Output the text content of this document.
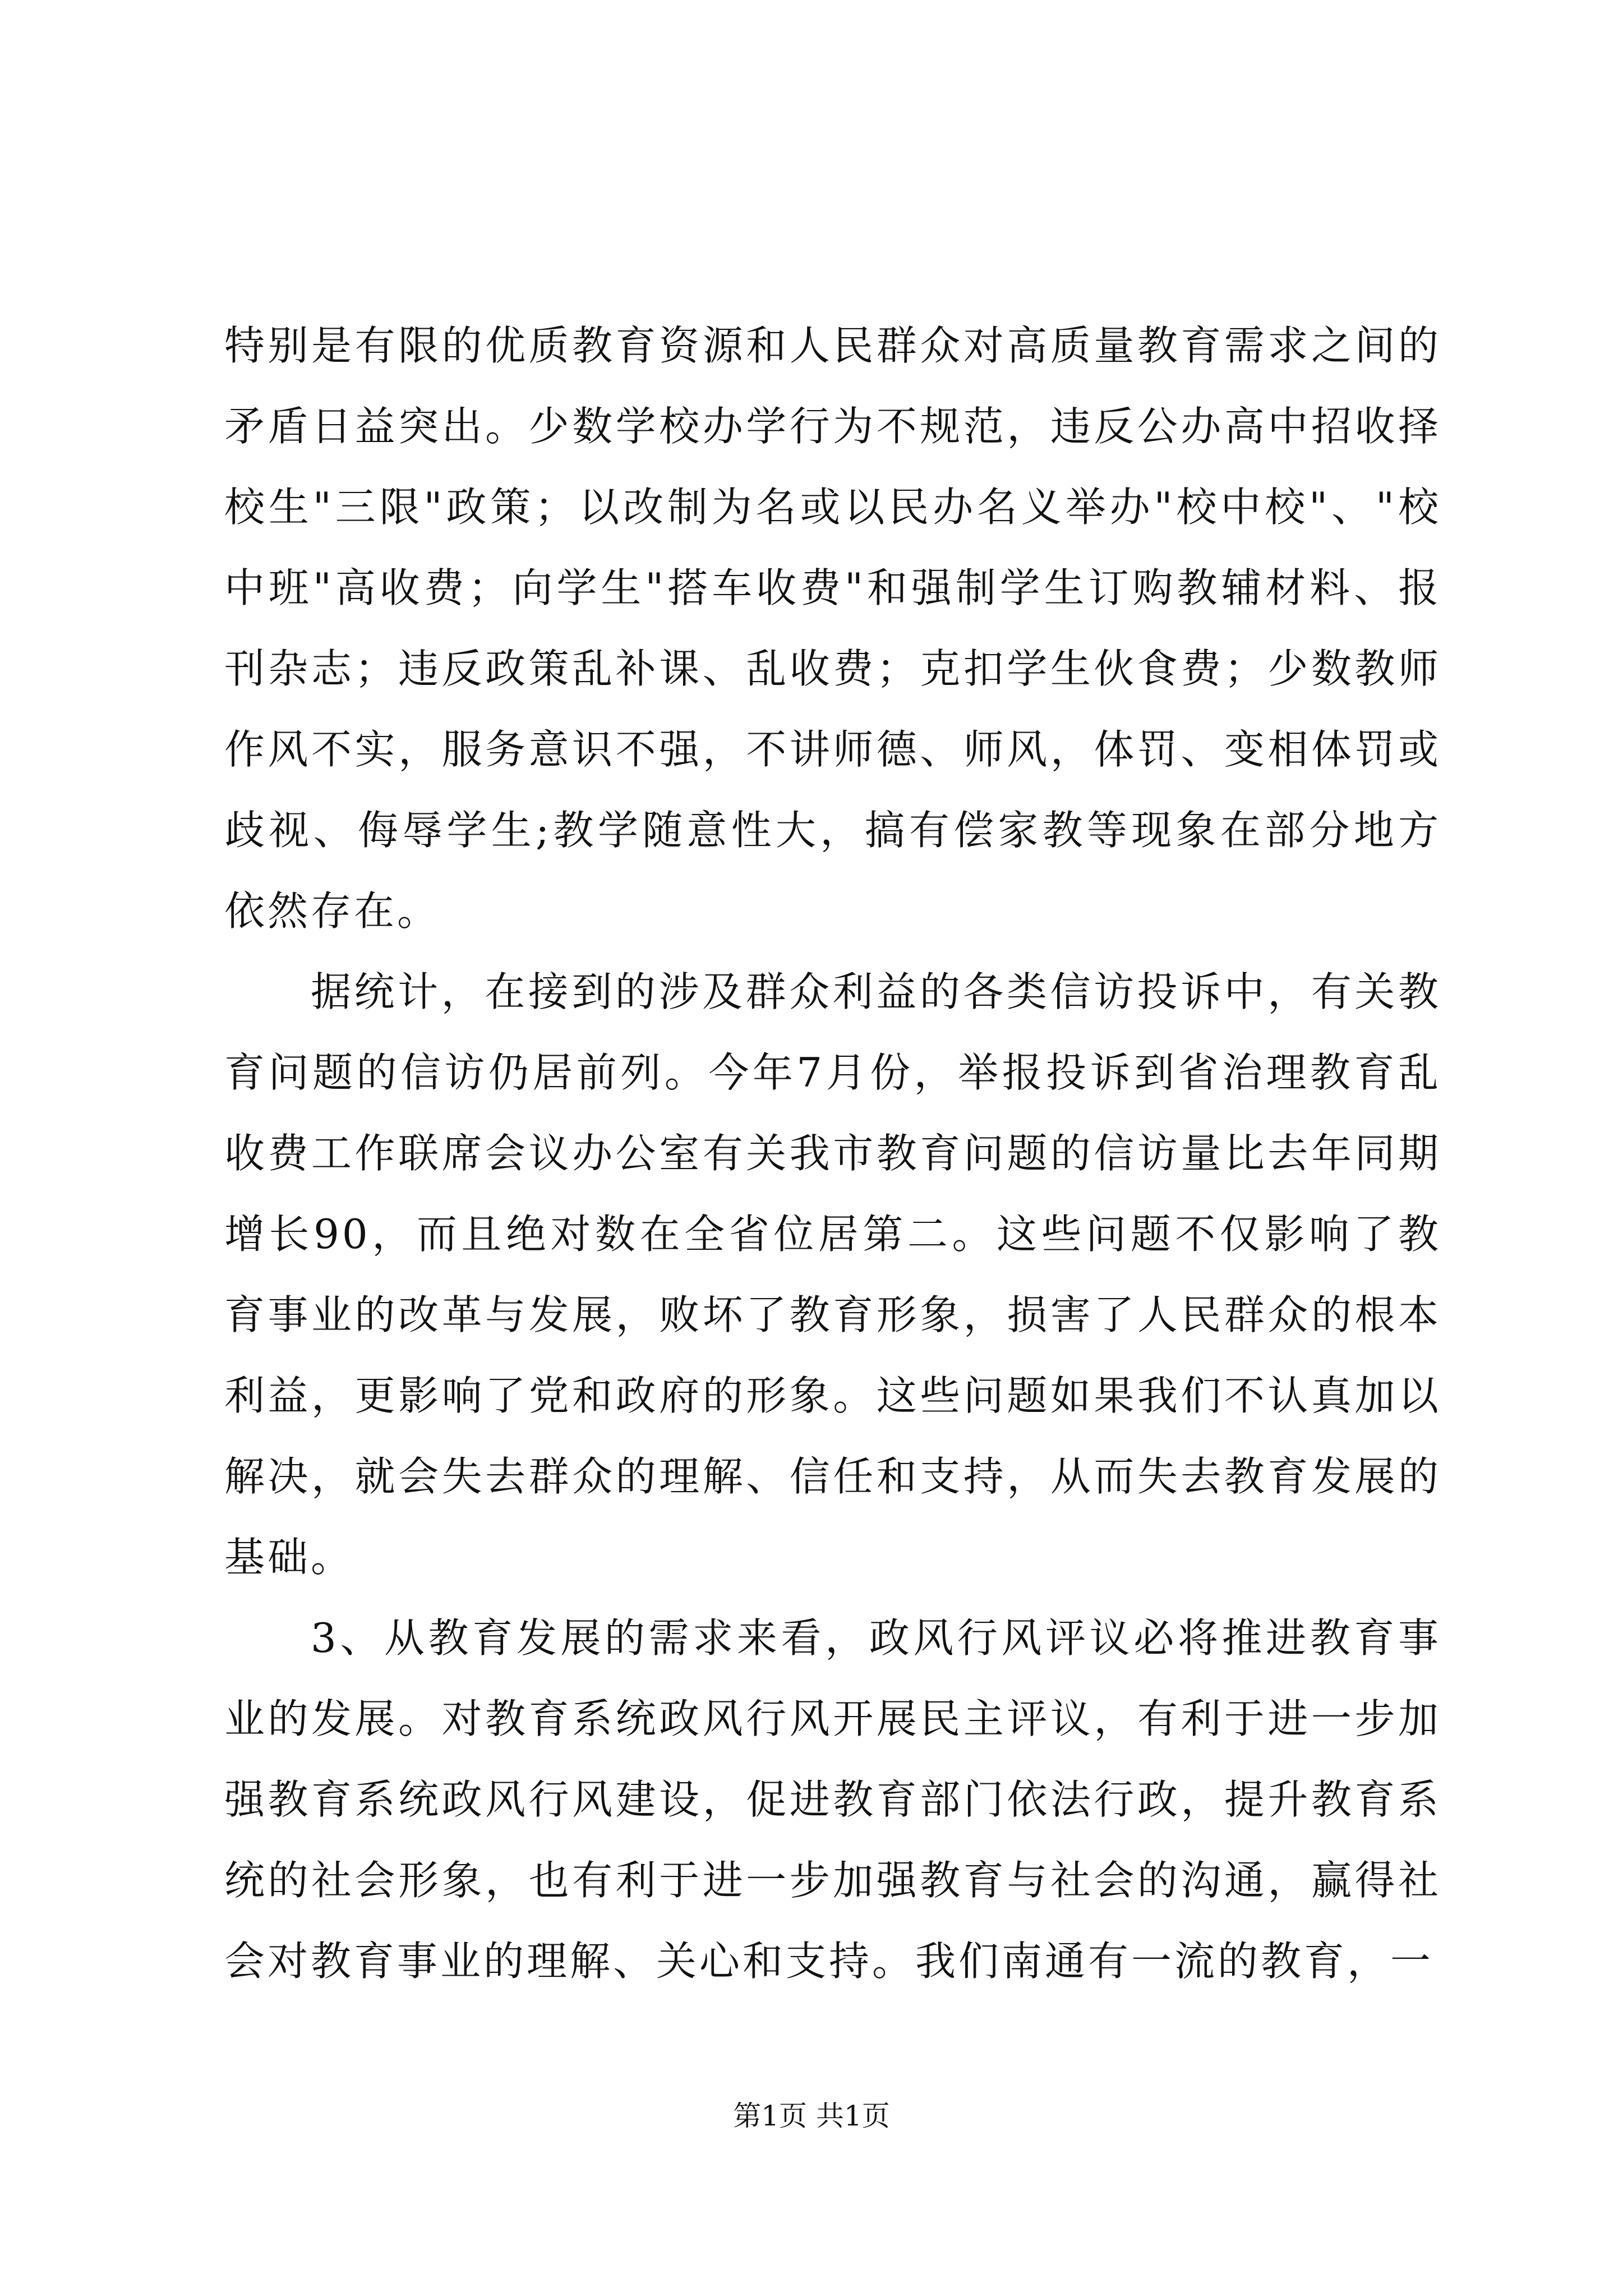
特别是有限的优质教育资源和人民群众对高质量教育需求之间的矛盾日益突出。少数学校办学行为不规范，违反公办高中招收择校生"三限"政策；以改制为名或以民办名义举办"校中校"、"校中班"高收费；向学生"搭车收费"和强制学生订购教辅材料、报刊杂志；违反政策乱补课、乱收费；克扣学生伙食费；少数教师作风不实，服务意识不强，不讲师德、师风，体罚、变相体罚或歧视、侮辱学生;教学随意性大，搞有偿家教等现象在部分地方依然存在。

据统计，在接到的涉及群众利益的各类信访投诉中，有关教育问题的信访仍居前列。今年7月份，举报投诉到省治理教育乱收费工作联席会议办公室有关我市教育问题的信访量比去年同期增长90，而且绝对数在全省位居第二。这些问题不仅影响了教育事业的改革与发展，败坏了教育形象，损害了人民群众的根本利益，更影响了党和政府的形象。这些问题如果我们不认真加以解决，就会失去群众的理解、信任和支持，从而失去教育发展的基础。

3、从教育发展的需求来看，政风行风评议必将推进教育事业的发展。对教育系统政风行风开展民主评议，有利于进一步加强教育系统政风行风建设，促进教育部门依法行政，提升教育系统的社会形象，也有利于进一步加强教育与社会的沟通，赢得社会对教育事业的理解、关心和支持。我们南通有一流的教育，一

第1页 共1页
